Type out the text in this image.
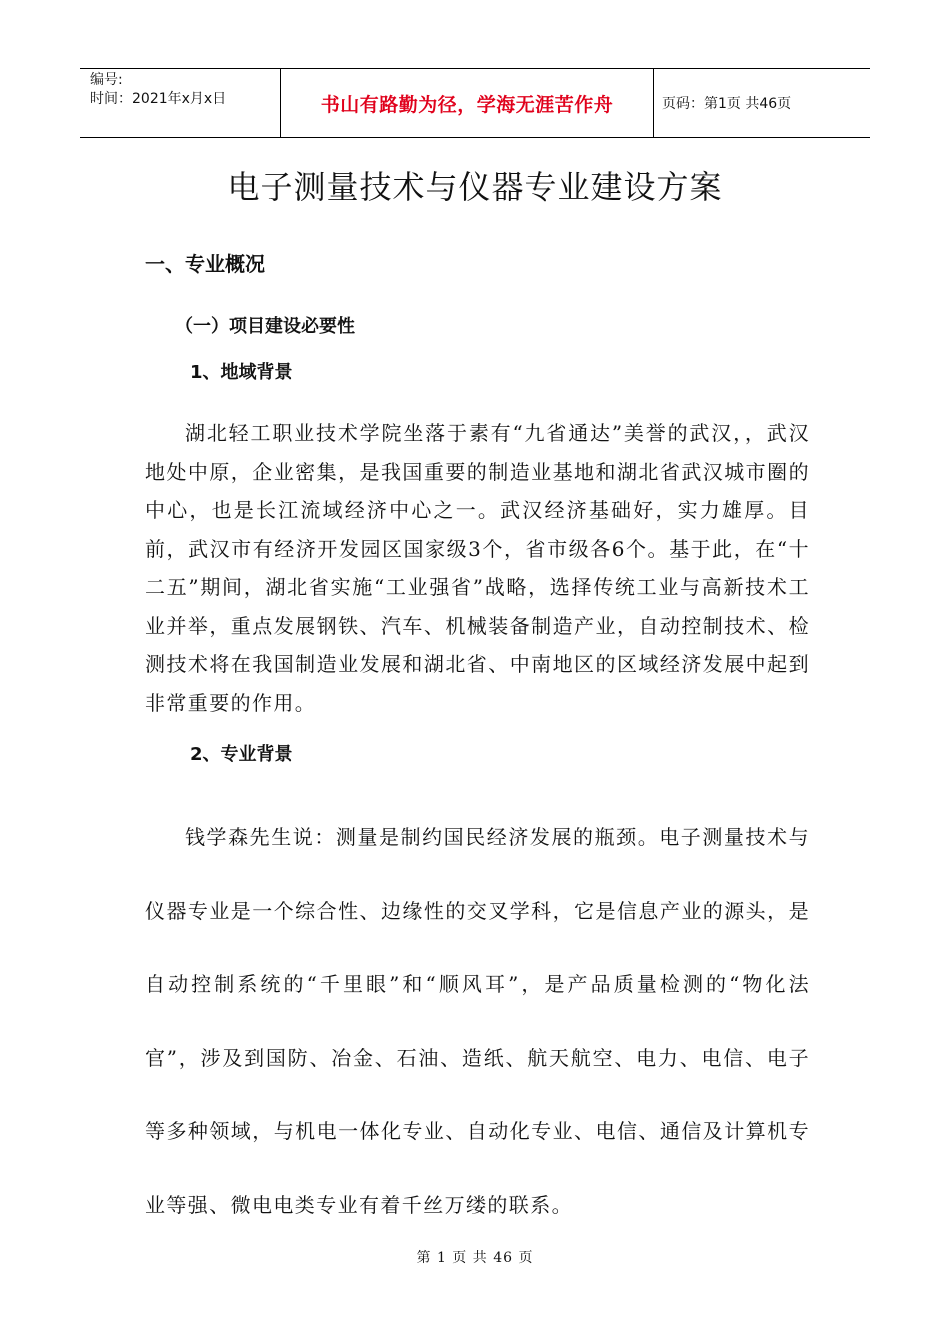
编号:
时间：2021年x月x日	书山有路勤为径，学海无涯苦作舟	页码：第1页 共46页
电子测量技术与仪器专业建设方案
一、专业概况
（一）项目建设必要性
1、地域背景

湖北轻工职业技术学院坐落于素有“九省通达”美誉的武汉，，武汉地处中原，企业密集，是我国重要的制造业基地和湖北省武汉城市圈的中心，也是长江流域经济中心之一。武汉经济基础好，实力雄厚。目前，武汉市有经济开发园区国家级3个，省市级各6个。基于此，在“十二五”期间，湖北省实施“工业强省”战略，选择传统工业与高新技术工业并举，重点发展钢铁、汽车、机械装备制造产业，自动控制技术、检测技术将在我国制造业发展和湖北省、中南地区的区域经济发展中起到非常重要的作用。

2、专业背景

钱学森先生说：测量是制约国民经济发展的瓶颈。电子测量技术与仪器专业是一个综合性、边缘性的交叉学科，它是信息产业的源头，是自动控制系统的“千里眼”和“顺风耳”，是产品质量检测的“物化法官”，涉及到国防、冶金、石油、造纸、航天航空、电力、电信、电子等多种领域，与机电一体化专业、自动化专业、电信、通信及计算机专业等强、微电电类专业有着千丝万缕的联系。

第 1 页 共 46 页
